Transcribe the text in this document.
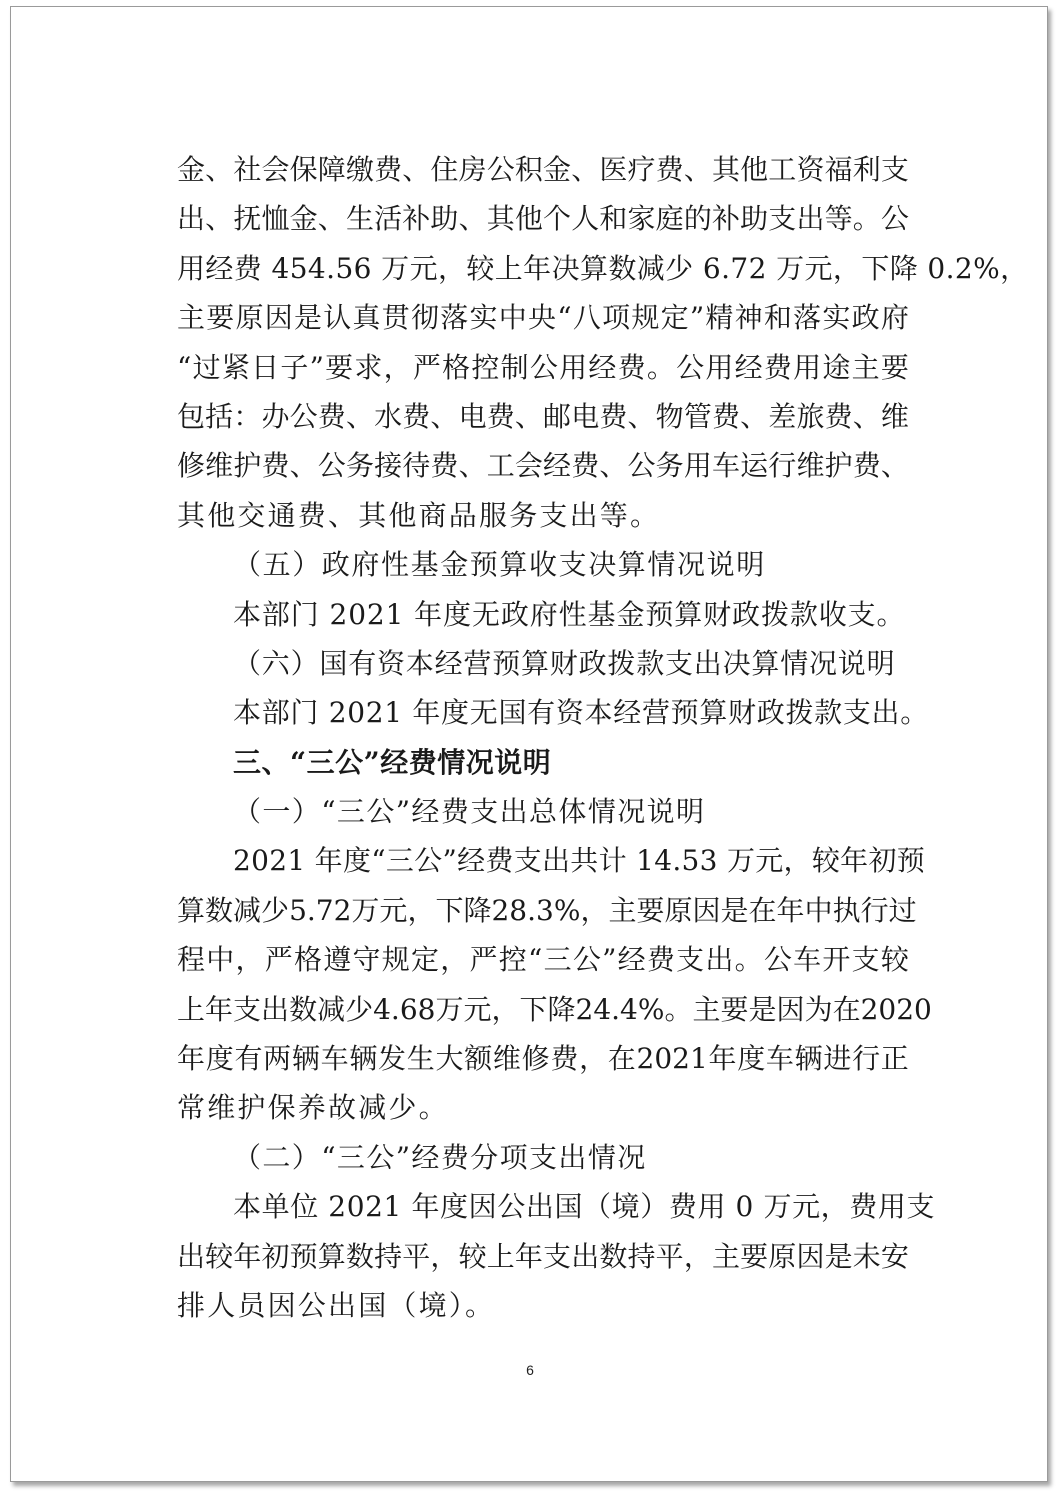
金 、 社 会 保 障 缴 费 、 住 房 公 积 金 、 医 疗 费 、 其 他 工 资 福 利 支
出 、 抚 恤 金 、 生 活 补 助 、 其 他 个 人 和 家 庭 的 补 助 支 出 等 。 公
用经费 454.56 万元，较上年决算数减少 6.72 万元，下降 0.2%，
主 要 原 因 是 认 真 贯 彻 落 实 中 央 “ 八 项 规 定 ” 精 神 和 落 实 政 府
“ 过 紧 日 子 ” 要 求 ， 严 格 控 制 公 用 经 费 。 公 用 经 费 用 途 主 要
包 括 ： 办 公 费 、 水 费 、 电 费 、 邮 电 费 、 物 管 费 、 差 旅 费 、 维
修 维 护 费 、 公 务 接 待 费 、 工 会 经 费 、 公 务 用 车 运 行 维 护 费 、
其他交通费、其他商品服务支出等。
（五）政府性基金预算收支决算情况说明
本部门 2021 年度无政府性基金预算财政拨款收支。
（六）国有资本经营预算财政拨款支出决算情况说明
本部门 2021 年度无国有资本经营预算财政拨款支出。
三、“三公”经费情况说明
（一）“三公”经费支出总体情况说明
2021 年度“三公”经费支出共计 14.53 万元，较年初预
算 数 减 少 5.72 万 元 ， 下 降 28.3% ， 主 要 原 因 是 在 年 中 执 行 过
程 中 ， 严 格 遵 守 规 定 ， 严 控 “ 三 公 ” 经 费 支 出 。 公 车 开 支 较
上 年 支 出 数 减 少 4.68 万 元 ， 下 降 24.4% 。 主 要 是 因 为 在 2020
年 度 有 两 辆 车 辆 发 生 大 额 维 修 费 ， 在 2021 年 度 车 辆 进 行 正
常维护保养故减少。
（二）“三公”经费分项支出情况
本单位 2021 年度因公出国（境）费用 0 万元，费用支
出 较 年 初 预 算 数 持 平 ， 较 上 年 支 出 数 持 平 ， 主 要 原 因 是 未 安
排人员因公出国（境）。
6
